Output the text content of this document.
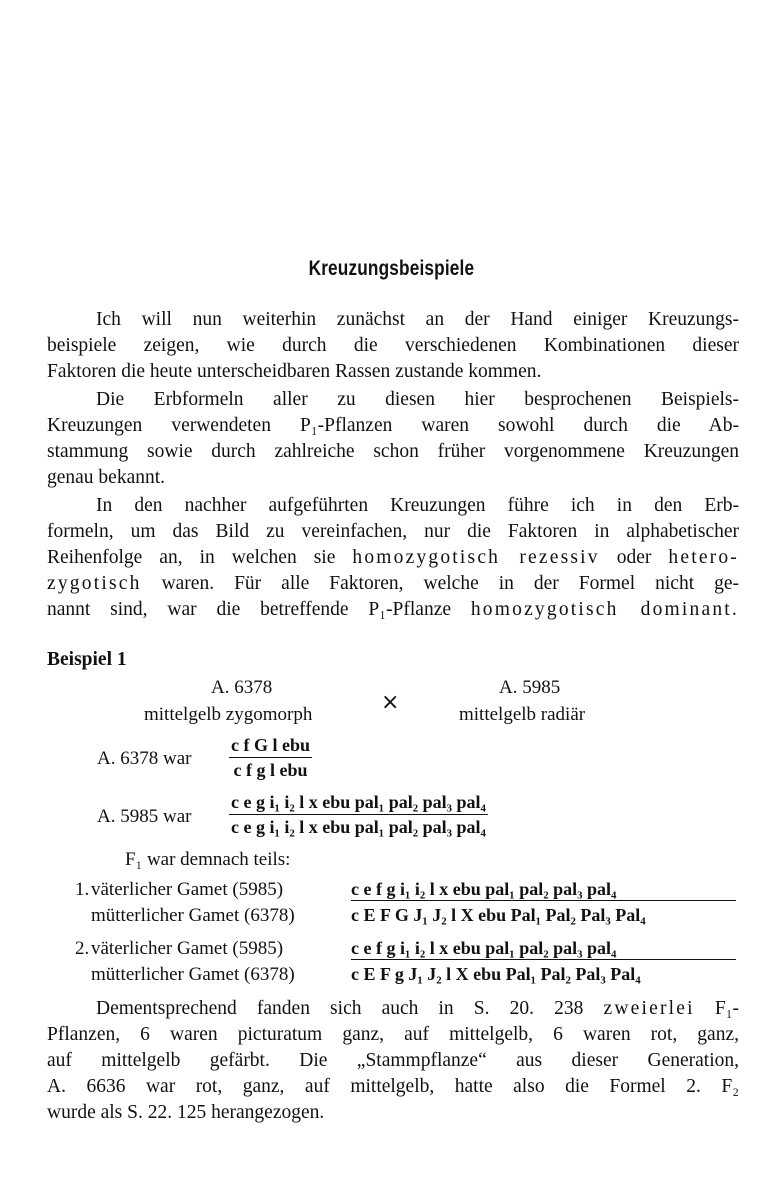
Kreuzungsbeispiele
Ich will nun weiterhin zunächst an der Hand einiger Kreuzungs-
beispiele zeigen, wie durch die verschiedenen Kombinationen dieser
Faktoren die heute unterscheidbaren Rassen zustande kommen.
Die Erbformeln aller zu diesen hier besprochenen Beispiels-
Kreuzungen verwendeten P₁-Pflanzen waren sowohl durch die Ab-
stammung sowie durch zahlreiche schon früher vorgenommene Kreuzungen
genau bekannt.
In den nachher aufgeführten Kreuzungen führe ich in den Erb-
formeln, um das Bild zu vereinfachen, nur die Faktoren in alphabetischer
Reihenfolge an, in welchen sie homozygotisch rezessiv oder hetero-
zygotisch waren. Für alle Faktoren, welche in der Formel nicht ge-
nannt sind, war die betreffende P₁-Pflanze homozygotisch dominant.
Beispiel 1
A. 6378
mittelgelb zygomorph	×
A. 5985
mittelgelb radiär
A. 6378 war
c f G l ebu
c f g l ebu
A. 5985 war
c e g i₁ i₂ l x ebu pal₁ pal₂ pal₃ pal₄
c e g i₁ i₂ l x ebu pal₁ pal₂ pal₃ pal₄
F₁ war demnach teils:
1. väterlicher Gamet (5985)	c e f g i₁ i₂ l x ebu pal₁ pal₂ pal₃ pal₄
mütterlicher Gamet (6378)	c E F G J₁ J₂ l X ebu Pal₁ Pal₂ Pal₃ Pal₄
2. väterlicher Gamet (5985)	c e f g i₁ i₂ l x ebu pal₁ pal₂ pal₃ pal₄
mütterlicher Gamet (6378)	c E F g J₁ J₂ l X ebu Pal₁ Pal₂ Pal₃ Pal₄
Dementsprechend fanden sich auch in S. 20. 238 zweierlei F₁-
Pflanzen, 6 waren picturatum ganz, auf mittelgelb, 6 waren rot, ganz,
auf mittelgelb gefärbt. Die „Stammpflanze“ aus dieser Generation,
A. 6636 war rot, ganz, auf mittelgelb, hatte also die Formel 2. F₂
wurde als S. 22. 125 herangezogen.
